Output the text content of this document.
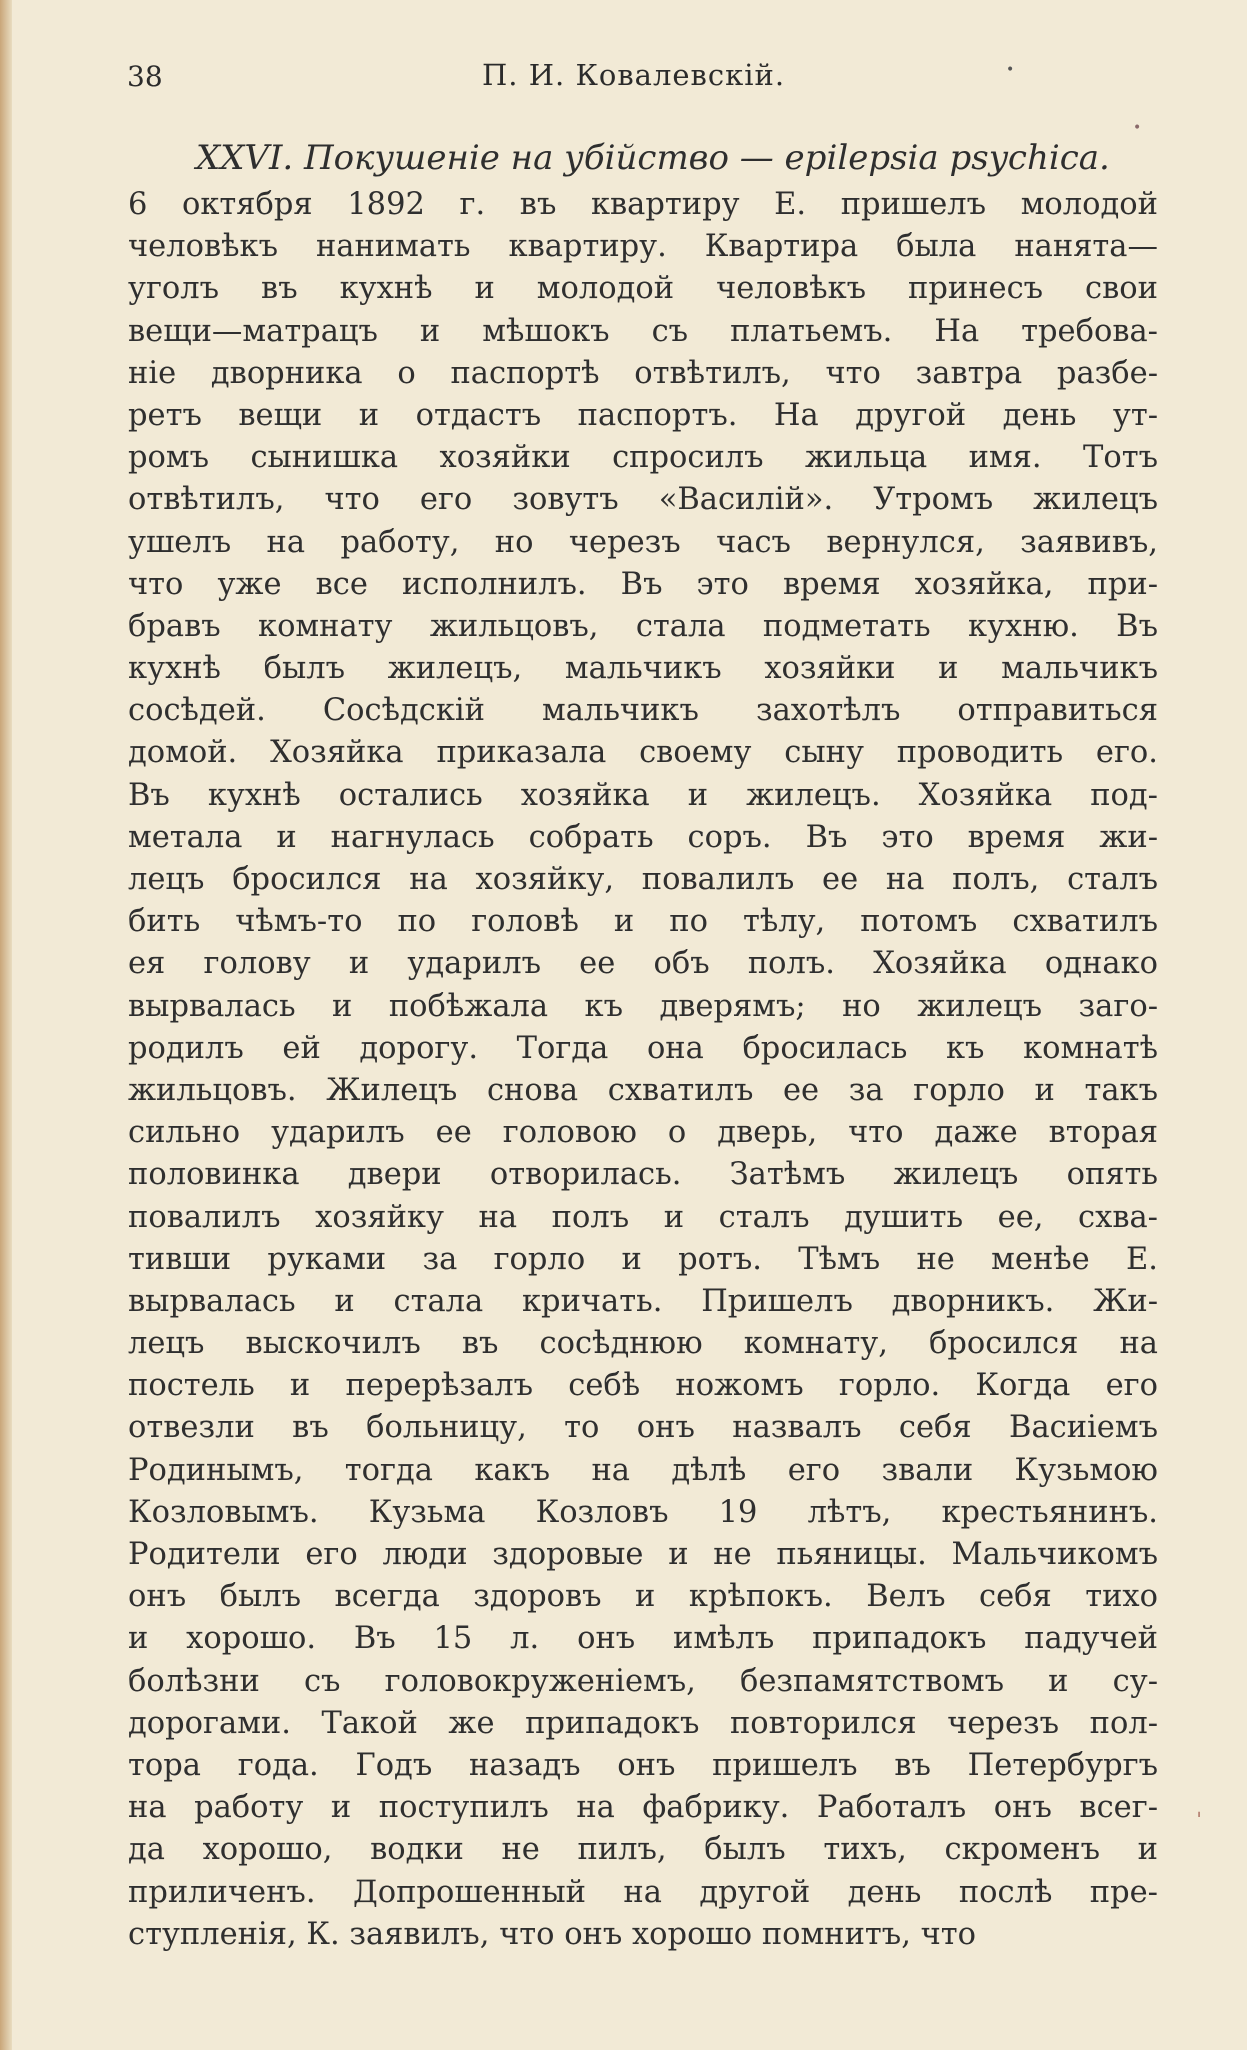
38	П. И. Ковалевскій.	•
•
ˈ
XXVI. Покушеніе на убійство — epilepsia psychica.
6 октября 1892 г. въ квартиру Е. пришелъ молодой
человѣкъ нанимать квартиру. Квартира была нанята—
уголъ въ кухнѣ и молодой человѣкъ принесъ свои
вещи—матрацъ и мѣшокъ съ платьемъ. На требова-
ніе дворника о паспортѣ отвѣтилъ, что завтра разбе-
ретъ вещи и отдастъ паспортъ. На другой день ут-
ромъ сынишка хозяйки спросилъ жильца имя. Тотъ
отвѣтилъ, что его зовутъ «Василій». Утромъ жилецъ
ушелъ на работу, но черезъ часъ вернулся, заявивъ,
что уже все исполнилъ. Въ это время хозяйка, при-
бравъ комнату жильцовъ, стала подметать кухню. Въ
кухнѣ былъ жилецъ, мальчикъ хозяйки и мальчикъ
сосѣдей. Сосѣдскій мальчикъ захотѣлъ отправиться
домой. Хозяйка приказала своему сыну проводить его.
Въ кухнѣ остались хозяйка и жилецъ. Хозяйка под-
метала и нагнулась собрать соръ. Въ это время жи-
лецъ бросился на хозяйку, повалилъ ее на полъ, сталъ
бить чѣмъ-то по головѣ и по тѣлу, потомъ схватилъ
ея голову и ударилъ ее объ полъ. Хозяйка однако
вырвалась и побѣжала къ дверямъ; но жилецъ заго-
родилъ ей дорогу. Тогда она бросилась къ комнатѣ
жильцовъ. Жилецъ снова схватилъ ее за горло и такъ
сильно ударилъ ее головою о дверь, что даже вторая
половинка двери отворилась. Затѣмъ жилецъ опять
повалилъ хозяйку на полъ и сталъ душить ее, схва-
тивши руками за горло и ротъ. Тѣмъ не менѣе Е.
вырвалась и стала кричать. Пришелъ дворникъ. Жи-
лецъ выскочилъ въ сосѣднюю комнату, бросился на
постель и перерѣзалъ себѣ ножомъ горло. Когда его
отвезли въ больницу, то онъ назвалъ себя Васиіемъ
Родинымъ, тогда какъ на дѣлѣ его звали Кузьмою
Козловымъ. Кузьма Козловъ 19 лѣтъ, крестьянинъ.
Родители его люди здоровые и не пьяницы. Мальчикомъ
онъ былъ всегда здоровъ и крѣпокъ. Велъ себя тихо
и хорошо. Въ 15 л. онъ имѣлъ припадокъ падучей
болѣзни съ головокруженіемъ, безпамятствомъ и су-
дорогами. Такой же припадокъ повторился черезъ пол-
тора года. Годъ назадъ онъ пришелъ въ Петербургъ
на работу и поступилъ на фабрику. Работалъ онъ всег-
да хорошо, водки не пилъ, былъ тихъ, скроменъ и
приличенъ. Допрошенный на другой день послѣ пре-
ступленія, К. заявилъ, что онъ хорошо помнитъ, что
